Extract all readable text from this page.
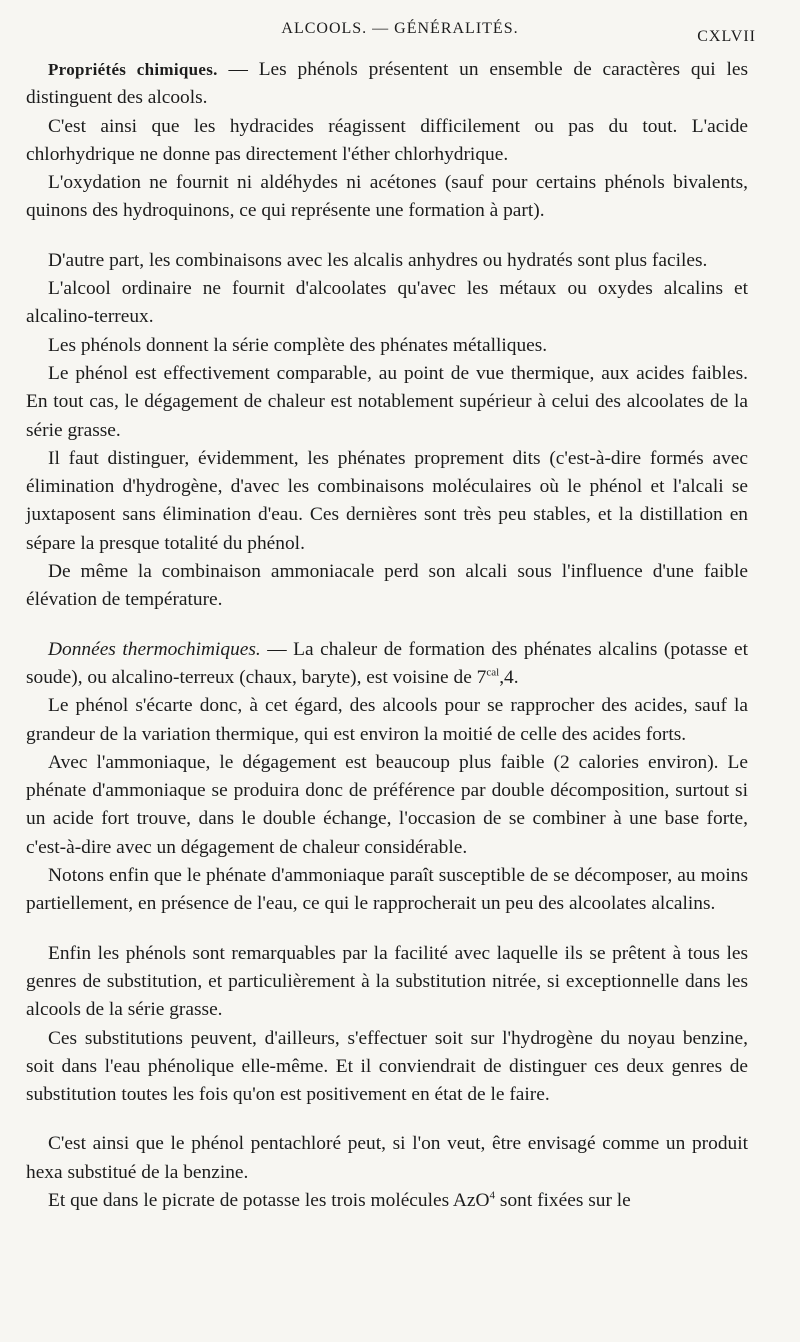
ALCOOLS. — GÉNÉRALITÉS.	CXLVII

Propriétés chimiques. — Les phénols présentent un ensemble de caractères qui les distinguent des alcools.

C'est ainsi que les hydracides réagissent difficilement ou pas du tout. L'acide chlorhydrique ne donne pas directement l'éther chlorhydrique.

L'oxydation ne fournit ni aldéhydes ni acétones (sauf pour certains phénols bivalents, quinons des hydroquinons, ce qui représente une formation à part).

D'autre part, les combinaisons avec les alcalis anhydres ou hydratés sont plus faciles.

L'alcool ordinaire ne fournit d'alcoolates qu'avec les métaux ou oxydes alcalins et alcalino-terreux.

Les phénols donnent la série complète des phénates métalliques.

Le phénol est effectivement comparable, au point de vue thermique, aux acides faibles. En tout cas, le dégagement de chaleur est notablement supérieur à celui des alcoolates de la série grasse.

Il faut distinguer, évidemment, les phénates proprement dits (c'est-à-dire formés avec élimination d'hydrogène, d'avec les combinaisons moléculaires où le phénol et l'alcali se juxtaposent sans élimination d'eau. Ces dernières sont très peu stables, et la distillation en sépare la presque totalité du phénol.

De même la combinaison ammoniacale perd son alcali sous l'influence d'une faible élévation de température.

Données thermochimiques. — La chaleur de formation des phénates alcalins (potasse et soude), ou alcalino-terreux (chaux, baryte), est voisine de $7^{cal},4$.

Le phénol s'écarte donc, à cet égard, des alcools pour se rapprocher des acides, sauf la grandeur de la variation thermique, qui est environ la moitié de celle des acides forts.

Avec l'ammoniaque, le dégagement est beaucoup plus faible (2 calories environ). Le phénate d'ammoniaque se produira donc de préférence par double décomposition, surtout si un acide fort trouve, dans le double échange, l'occasion de se combiner à une base forte, c'est-à-dire avec un dégagement de chaleur considérable.

Notons enfin que le phénate d'ammoniaque paraît susceptible de se décomposer, au moins partiellement, en présence de l'eau, ce qui le rapprocherait un peu des alcoolates alcalins.

Enfin les phénols sont remarquables par la facilité avec laquelle ils se prêtent à tous les genres de substitution, et particulièrement à la substitution nitrée, si exceptionnelle dans les alcools de la série grasse.

Ces substitutions peuvent, d'ailleurs, s'effectuer soit sur l'hydrogène du noyau benzine, soit dans l'eau phénolique elle-même. Et il conviendrait de distinguer ces deux genres de substitution toutes les fois qu'on est positivement en état de le faire.

C'est ainsi que le phénol pentachloré peut, si l'on veut, être envisagé comme un produit hexa substitué de la benzine.

Et que dans le picrate de potasse les trois molécules AzO$^4$ sont fixées sur le
